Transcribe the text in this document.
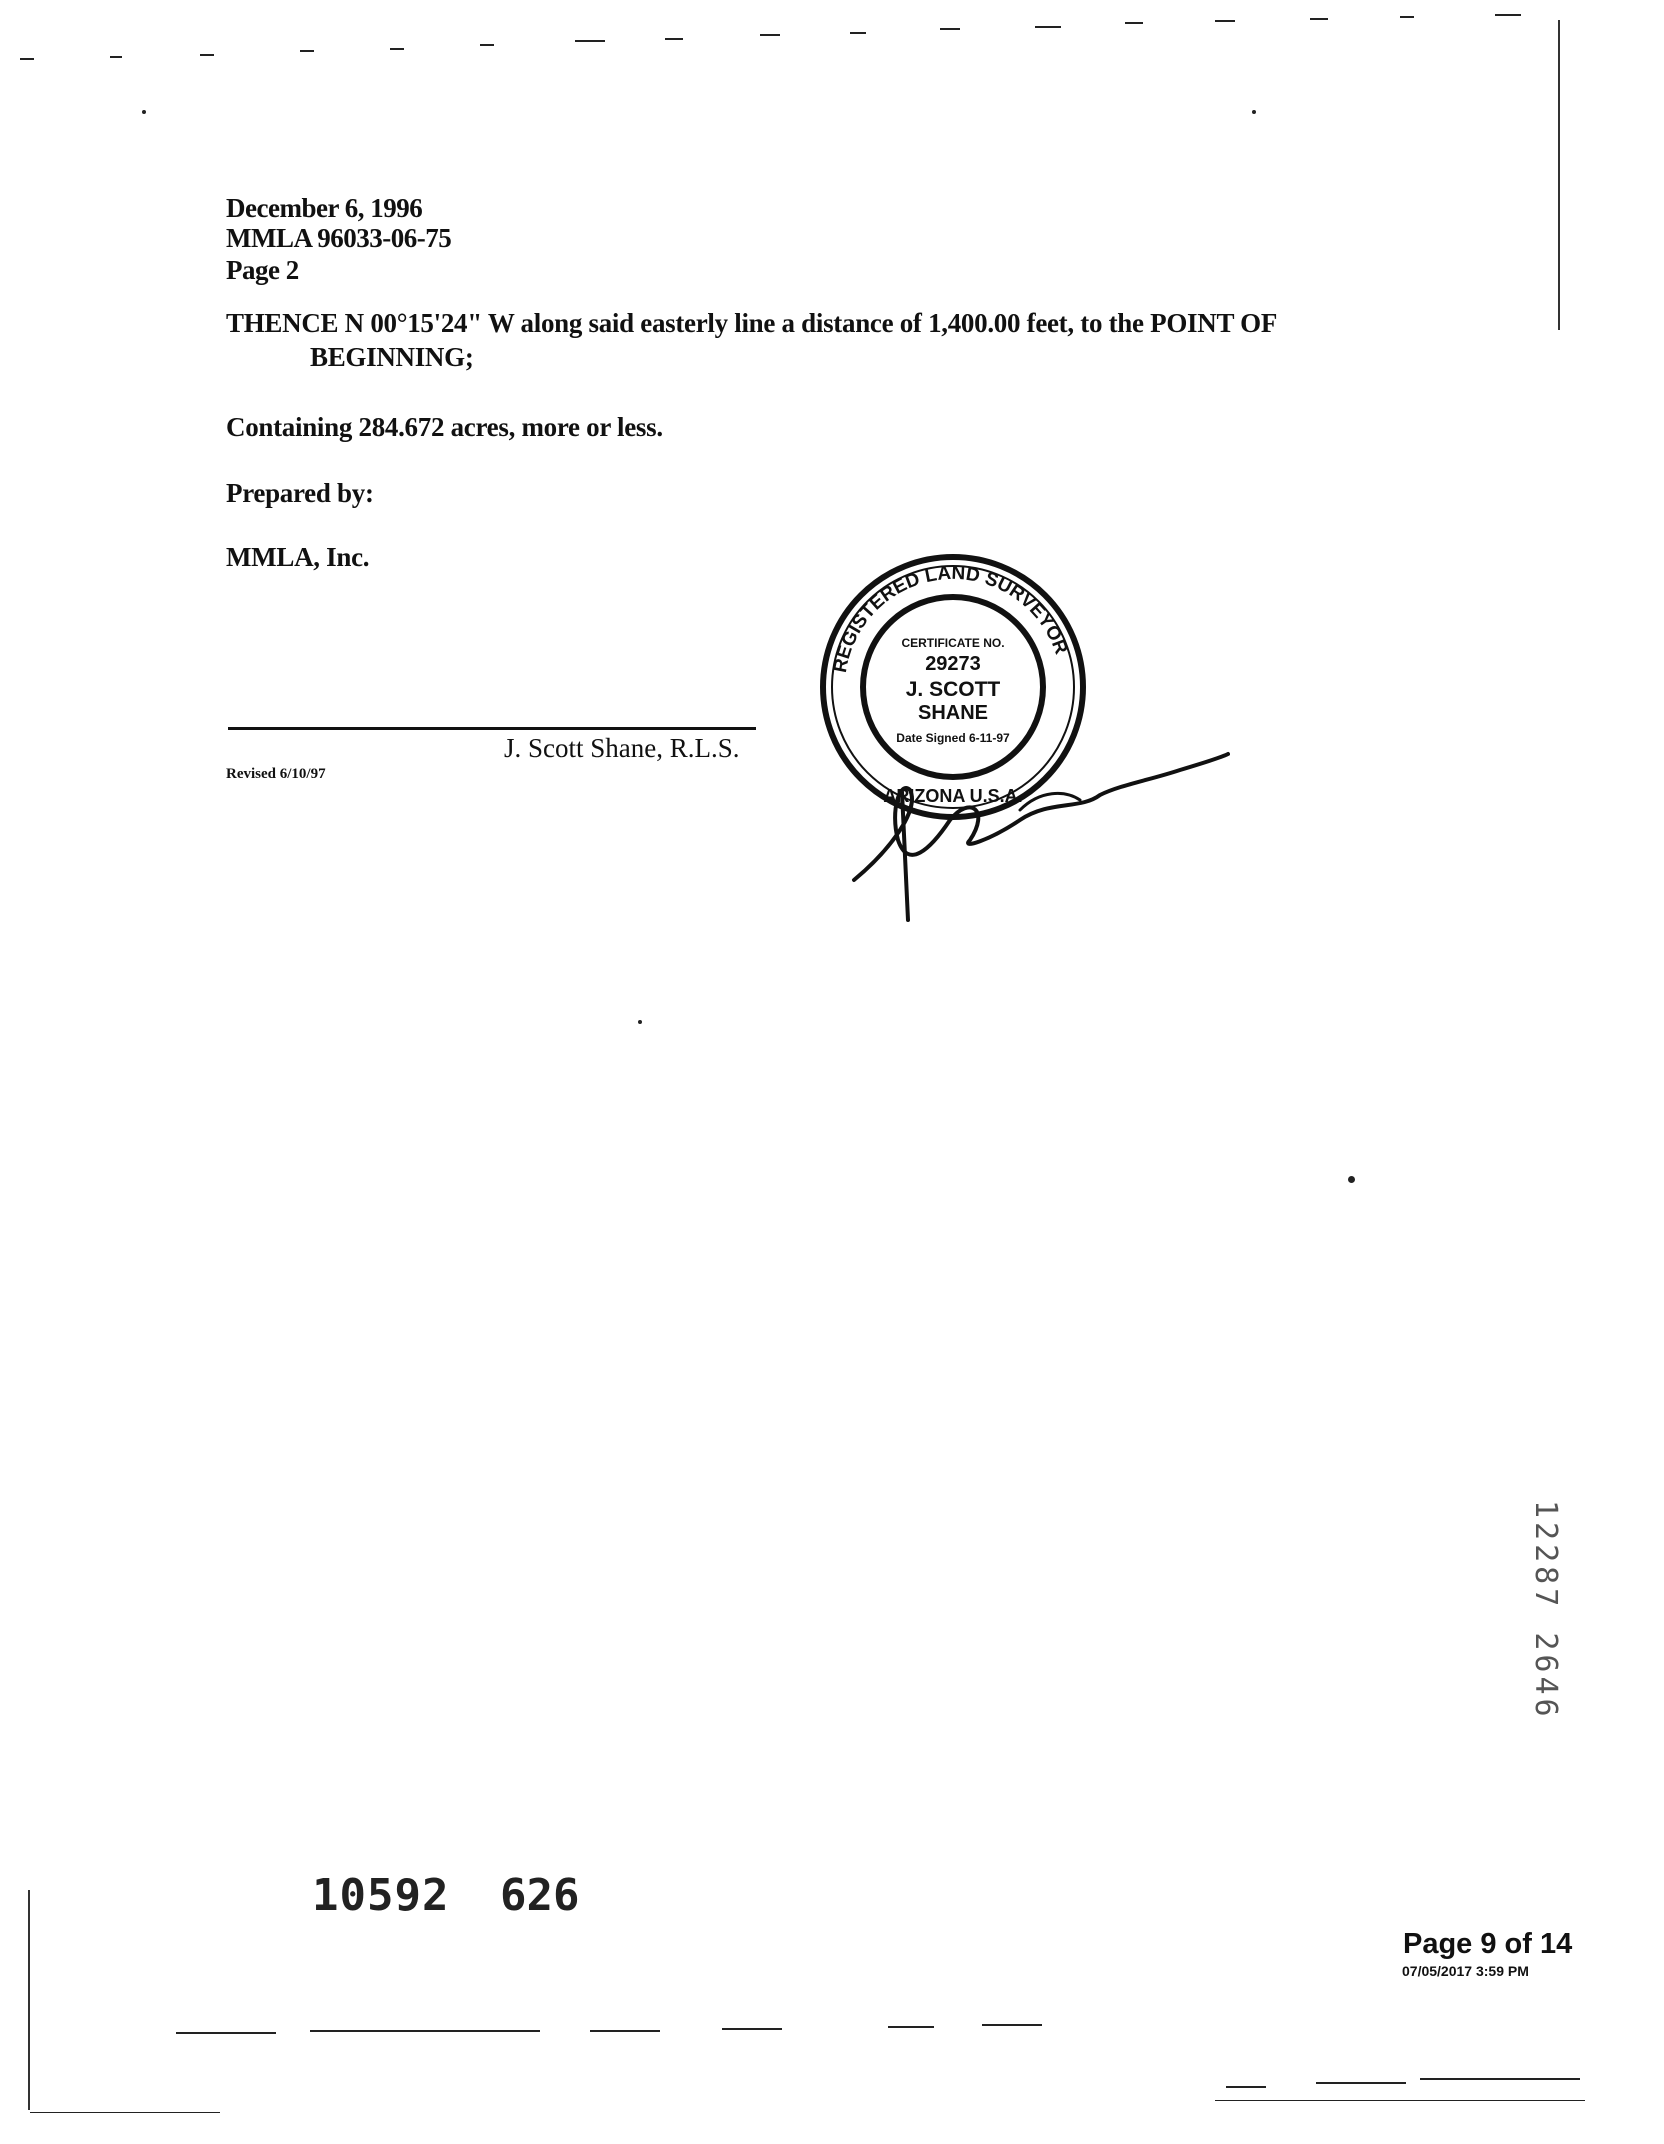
December 6, 1996
MMLA 96033-06-75
Page 2
THENCE N 00°15'24" W along said easterly line a distance of 1,400.00 feet, to the POINT OF
BEGINNING;
Containing 284.672 acres, more or less.
Prepared by:
MMLA, Inc.
J. Scott Shane, R.L.S.
Revised 6/10/97
REGISTERED LAND SURVEYOR
CERTIFICATE NO.
29273
J. SCOTT
SHANE
Date Signed 6-11-97
ARIZONA U.S.A.
12287 2646
10592 626
Page 9 of 14
07/05/2017 3:59 PM
